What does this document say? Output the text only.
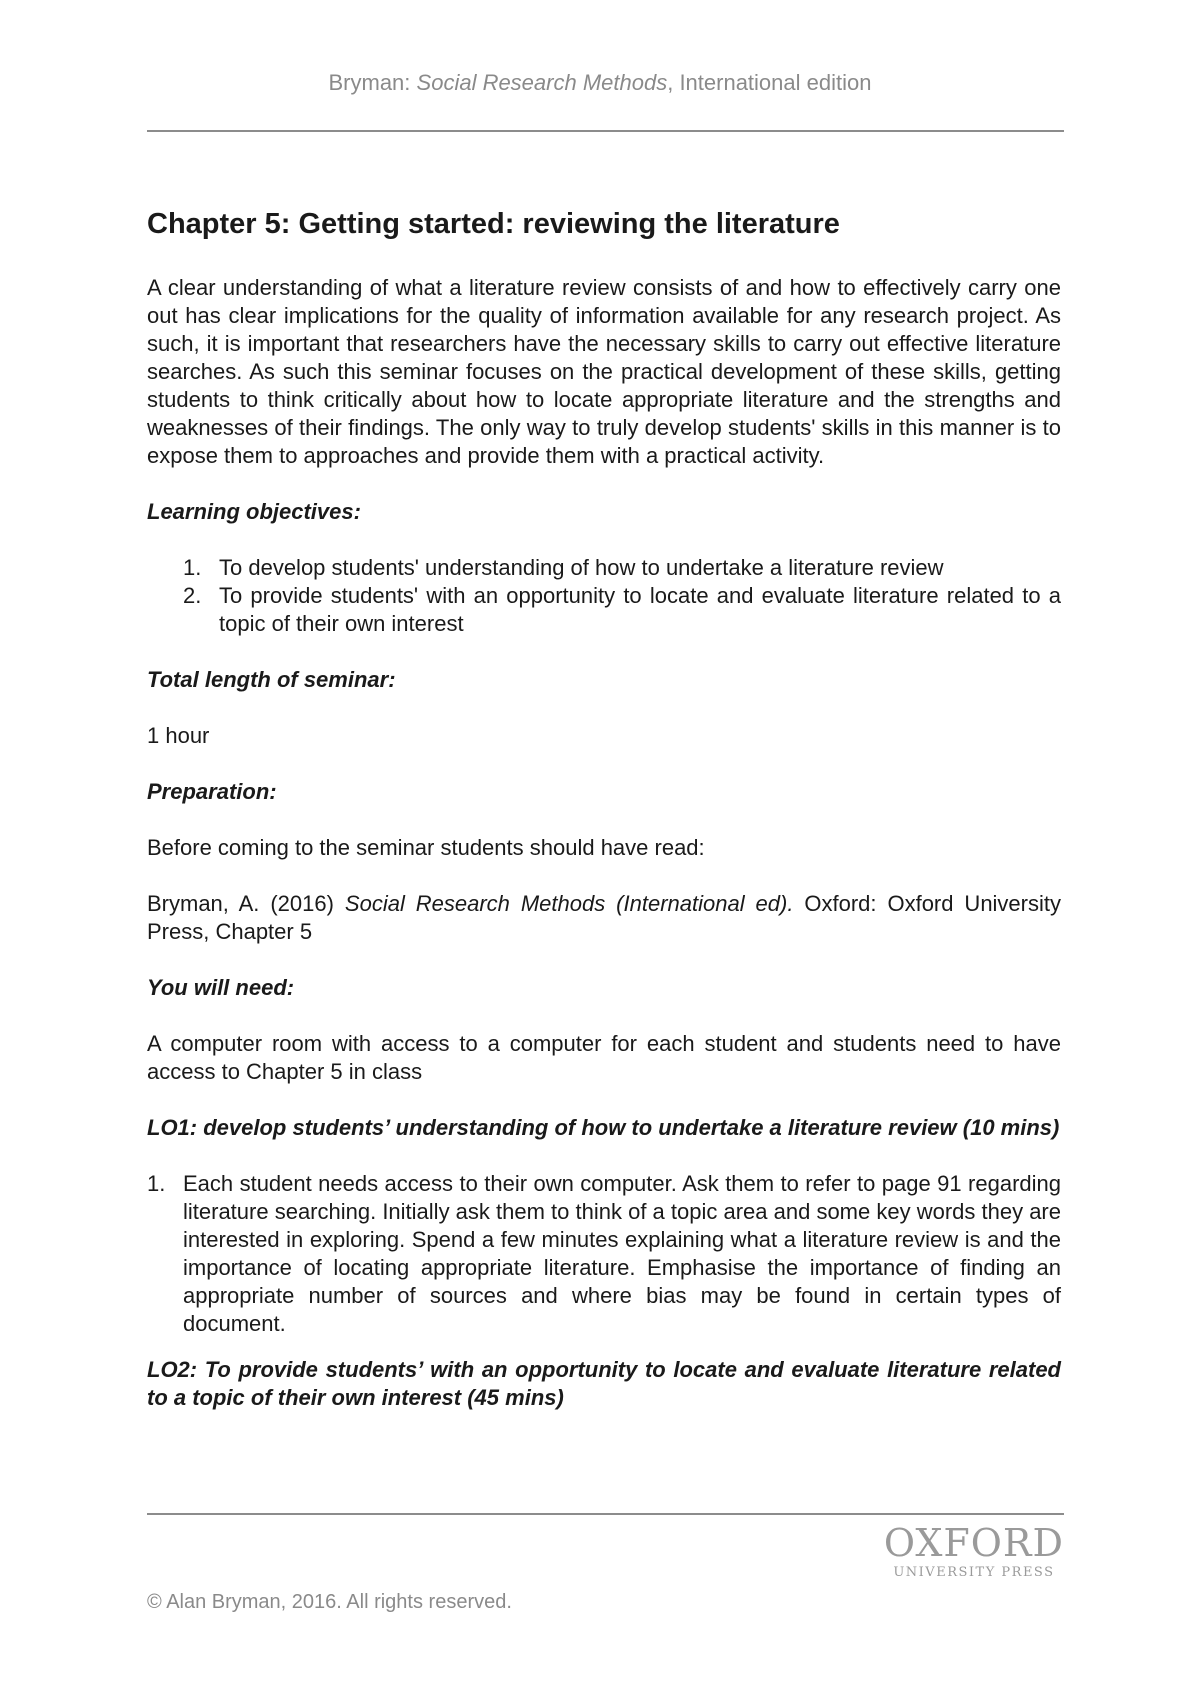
Bryman: Social Research Methods, International edition
Chapter 5: Getting started: reviewing the literature

A clear understanding of what a literature review consists of and how to effectively carry one out has clear implications for the quality of information available for any research project. As such, it is important that researchers have the necessary skills to carry out effective literature searches. As such this seminar focuses on the practical development of these skills, getting students to think critically about how to locate appropriate literature and the strengths and weaknesses of their findings. The only way to truly develop students' skills in this manner is to expose them to approaches and provide them with a practical activity.

Learning objectives:
1. To develop students' understanding of how to undertake a literature review
2. To provide students' with an opportunity to locate and evaluate literature related to a topic of their own interest
Total length of seminar:

1 hour

Preparation:

Before coming to the seminar students should have read:

Bryman, A. (2016) Social Research Methods (International ed). Oxford: Oxford University Press, Chapter 5

You will need:

A computer room with access to a computer for each student and students need to have access to Chapter 5 in class

LO1: develop students’ understanding of how to undertake a literature review (10 mins)
1. Each student needs access to their own computer. Ask them to refer to page 91 regarding literature searching. Initially ask them to think of a topic area and some key words they are interested in exploring. Spend a few minutes explaining what a literature review is and the importance of locating appropriate literature. Emphasise the importance of finding an appropriate number of sources and where bias may be found in certain types of document.
LO2: To provide students’ with an opportunity to locate and evaluate literature related to a topic of their own interest (45 mins)
OXFORD
UNIVERSITY PRESS
© Alan Bryman, 2016. All rights reserved.
